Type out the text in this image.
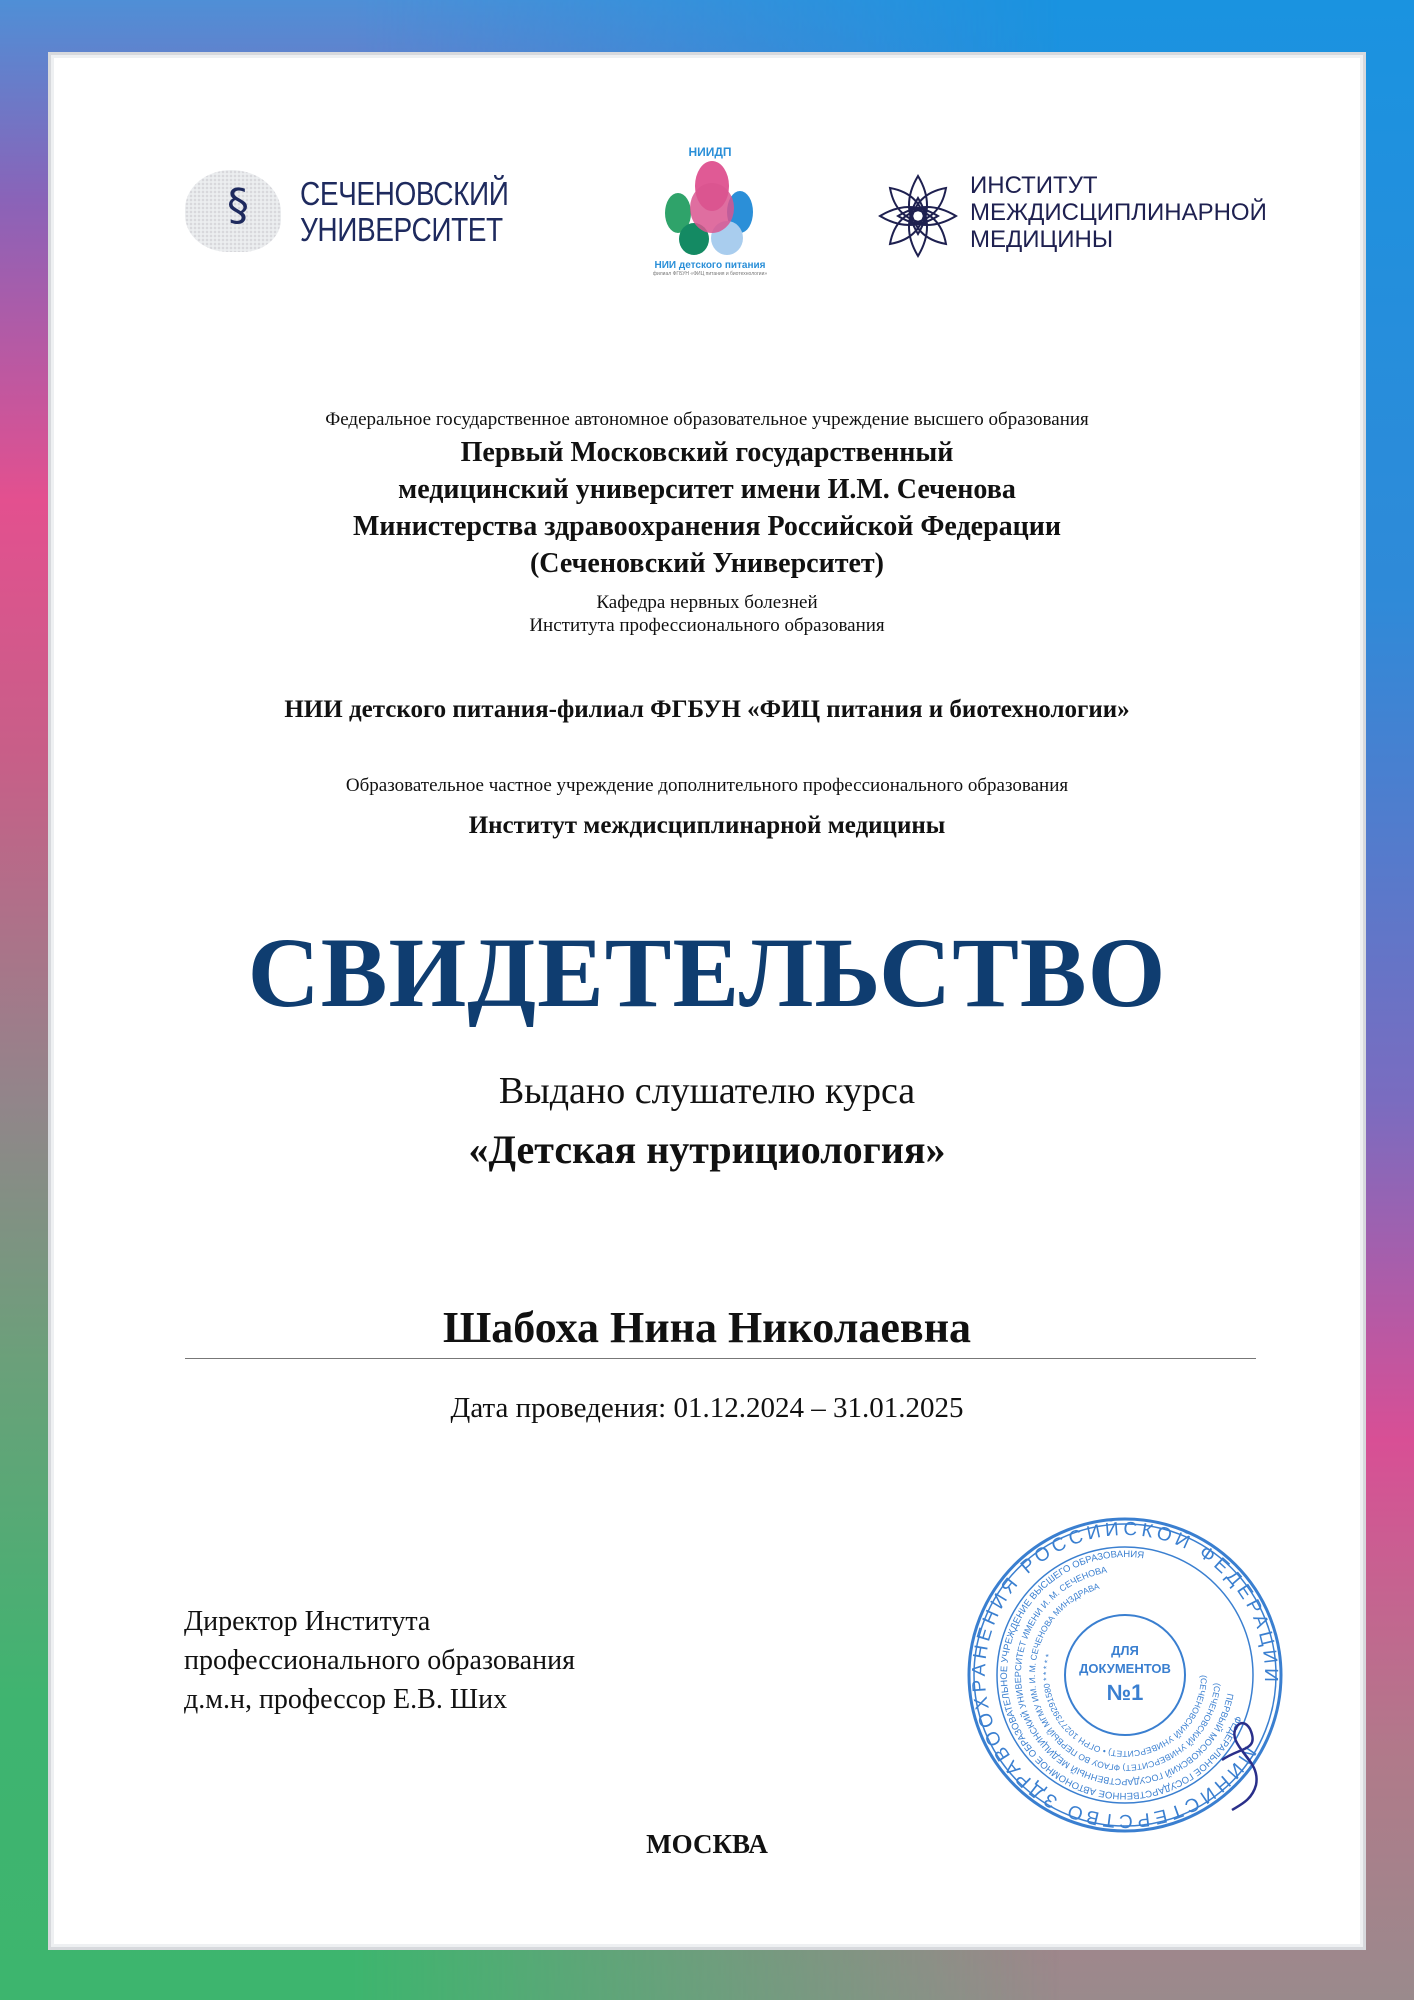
§ СЕЧЕНОВСКИЙ
УНИВЕРСИТЕТ
НИИДП
НИИ детского питания
филиал ФГБУН «ФИЦ питания и биотехнологии»
ИНСТИТУТ
МЕЖДИСЦИПЛИНАРНОЙ
МЕДИЦИНЫ
Федеральное государственное автономное образовательное учреждение высшего образования
Первый Московский государственный
медицинский университет имени И.М. Сеченова
Министерства здравоохранения Российской Федерации
(Сеченовский Университет)
Кафедра нервных болезней
Института профессионального образования
НИИ детского питания-филиал ФГБУН «ФИЦ питания и биотехнологии»
Образовательное частное учреждение дополнительного профессионального образования
Институт междисциплинарной медицины
СВИДЕТЕЛЬСТВО
Выдано слушателю курса
«Детская нутрициология»
Шабоха Нина Николаевна
Дата проведения: 01.12.2024 – 31.01.2025
Директор Института
профессионального образования
д.м.н, профессор Е.В. Ших
МИНИСТЕРСТВО ЗДРАВООХРАНЕНИЯ РОССИЙСКОЙ ФЕДЕРАЦИИ
ФЕДЕРАЛЬНОЕ ГОСУДАРСТВЕННОЕ АВТОНОМНОЕ ОБРАЗОВАТЕЛЬНОЕ УЧРЕЖДЕНИЕ ВЫСШЕГО ОБРАЗОВАНИЯ
ПЕРВЫЙ МОСКОВСКИЙ ГОСУДАРСТВЕННЫЙ МЕДИЦИНСКИЙ УНИВЕРСИТЕТ ИМЕНИ И. М. СЕЧЕНОВА
(СЕЧЕНОВСКИЙ УНИВЕРСИТЕТ) ФГАОУ ВО ПЕРВЫЙ МГМУ ИМ. И. М. СЕЧЕНОВА МИНЗДРАВА
(СЕЧЕНОВСКИЙ УНИВЕРСИТЕТ) • ОГРН 1027739291580 * * * * *	ДЛЯ
ДОКУМЕНТОВ
№1
МОСКВА
